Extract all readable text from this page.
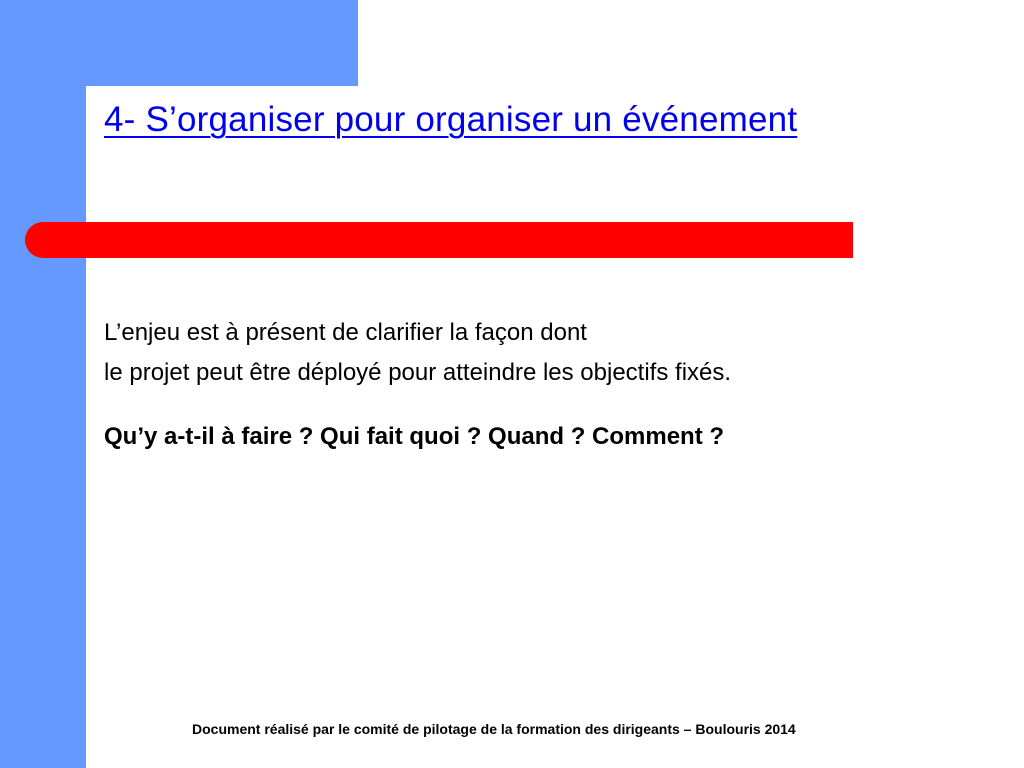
4- S’organiser pour organiser un événement
L’enjeu est à présent de clarifier la façon dont
le projet peut être déployé pour atteindre les objectifs fixés.
Qu’y a-t-il à faire ? Qui fait quoi ? Quand ? Comment ?
Document réalisé par le comité de pilotage de la formation des dirigeants – Boulouris 2014
